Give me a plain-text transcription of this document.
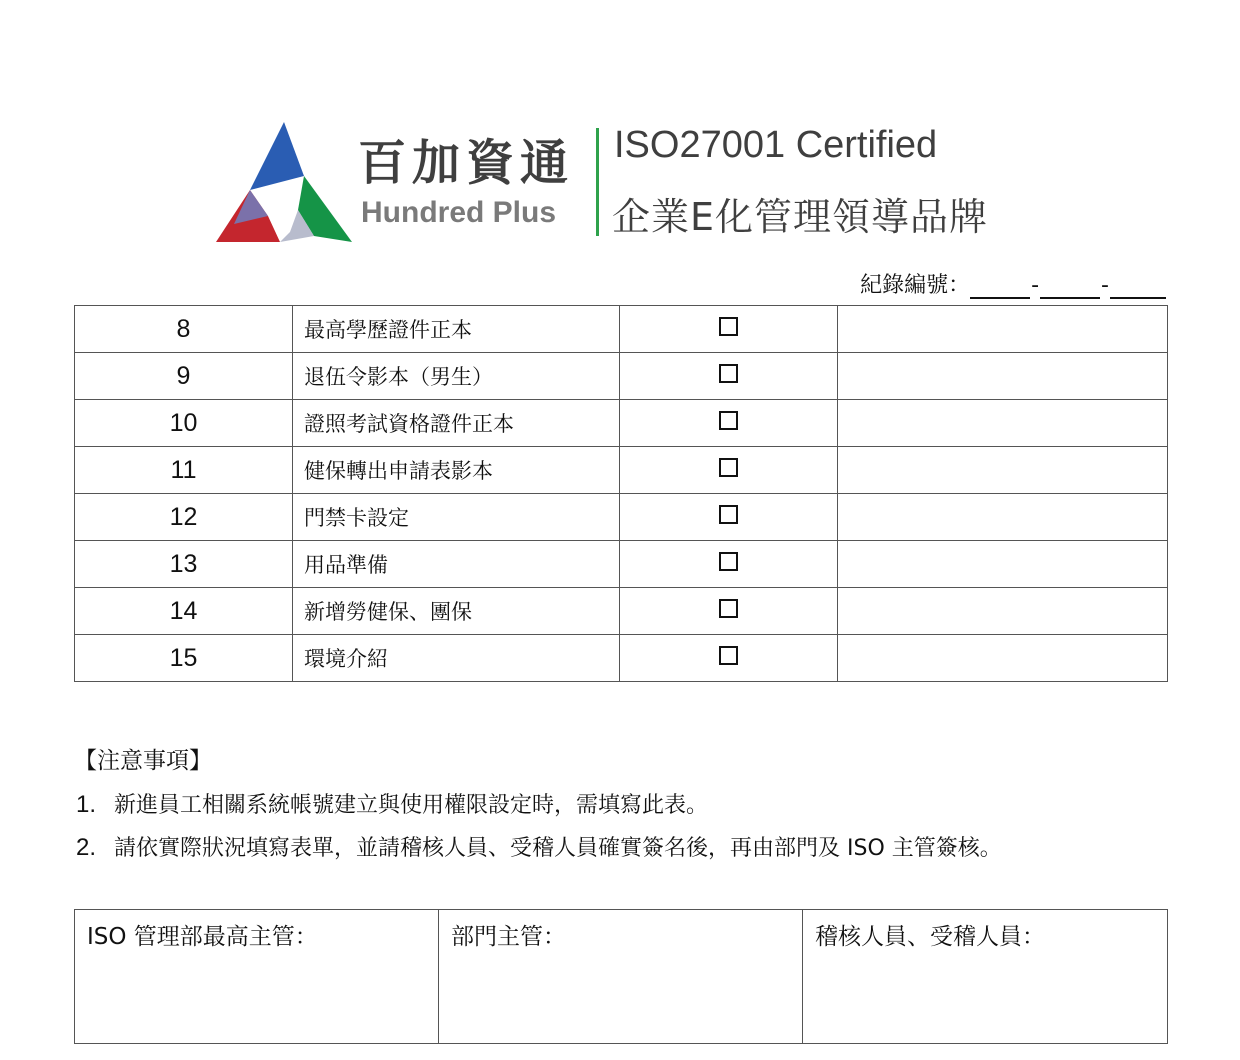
百加資通
Hundred Plus
ISO27001 Certified
企業E化管理領導品牌
紀錄編號：	-	-
8	最高學歷證件正本		
9	退伍令影本（男生）		
10	證照考試資格證件正本		
11	健保轉出申請表影本		
12	門禁卡設定		
13	用品準備		
14	新增勞健保、團保		
15	環境介紹		
【注意事項】
1. 新進員工相關系統帳號建立與使用權限設定時，需填寫此表。
2. 請依實際狀況填寫表單，並請稽核人員、受稽人員確實簽名後，再由部門及 ISO 主管簽核。
ISO 管理部最高主管：	部門主管：	稽核人員、受稽人員：
